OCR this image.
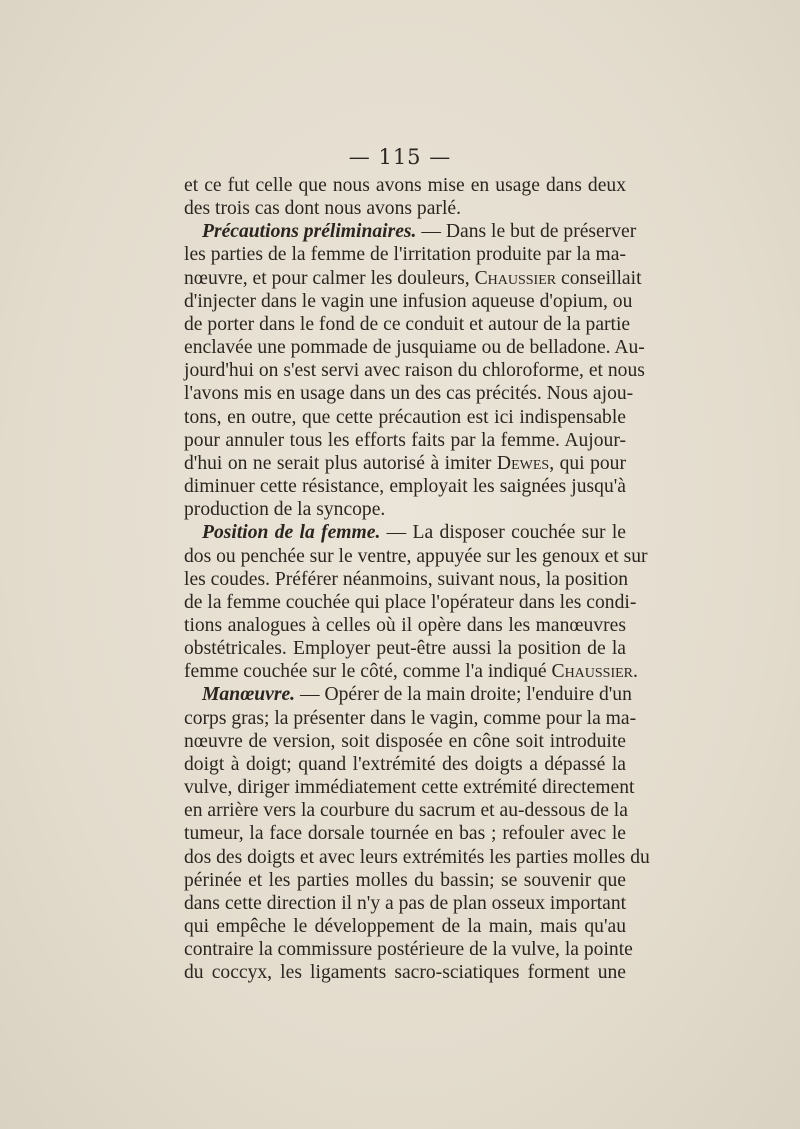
— 115 —

et ce fut celle que nous avons mise en usage dans deux

des trois cas dont nous avons parlé.

Précautions préliminaires. — Dans le but de préserver

les parties de la femme de l'irritation produite par la ma-

nœuvre, et pour calmer les douleurs, Chaussier conseillait

d'injecter dans le vagin une infusion aqueuse d'opium, ou

de porter dans le fond de ce conduit et autour de la partie

enclavée une pommade de jusquiame ou de belladone. Au-

jourd'hui on s'est servi avec raison du chloroforme, et nous

l'avons mis en usage dans un des cas précités. Nous ajou-

tons, en outre, que cette précaution est ici indispensable

pour annuler tous les efforts faits par la femme. Aujour-

d'hui on ne serait plus autorisé à imiter Dewes, qui pour

diminuer cette résistance, employait les saignées jusqu'à

production de la syncope.

Position de la femme. — La disposer couchée sur le

dos ou penchée sur le ventre, appuyée sur les genoux et sur

les coudes. Préférer néanmoins, suivant nous, la position

de la femme couchée qui place l'opérateur dans les condi-

tions analogues à celles où il opère dans les manœuvres

obstétricales. Employer peut-être aussi la position de la

femme couchée sur le côté, comme l'a indiqué Chaussier.

Manœuvre. — Opérer de la main droite; l'enduire d'un

corps gras; la présenter dans le vagin, comme pour la ma-

nœuvre de version, soit disposée en cône soit introduite

doigt à doigt; quand l'extrémité des doigts a dépassé la

vulve, diriger immédiatement cette extrémité directement

en arrière vers la courbure du sacrum et au-dessous de la

tumeur, la face dorsale tournée en bas ; refouler avec le

dos des doigts et avec leurs extrémités les parties molles du

périnée et les parties molles du bassin; se souvenir que

dans cette direction il n'y a pas de plan osseux important

qui empêche le développement de la main, mais qu'au

contraire la commissure postérieure de la vulve, la pointe

du coccyx, les ligaments sacro-sciatiques forment une
